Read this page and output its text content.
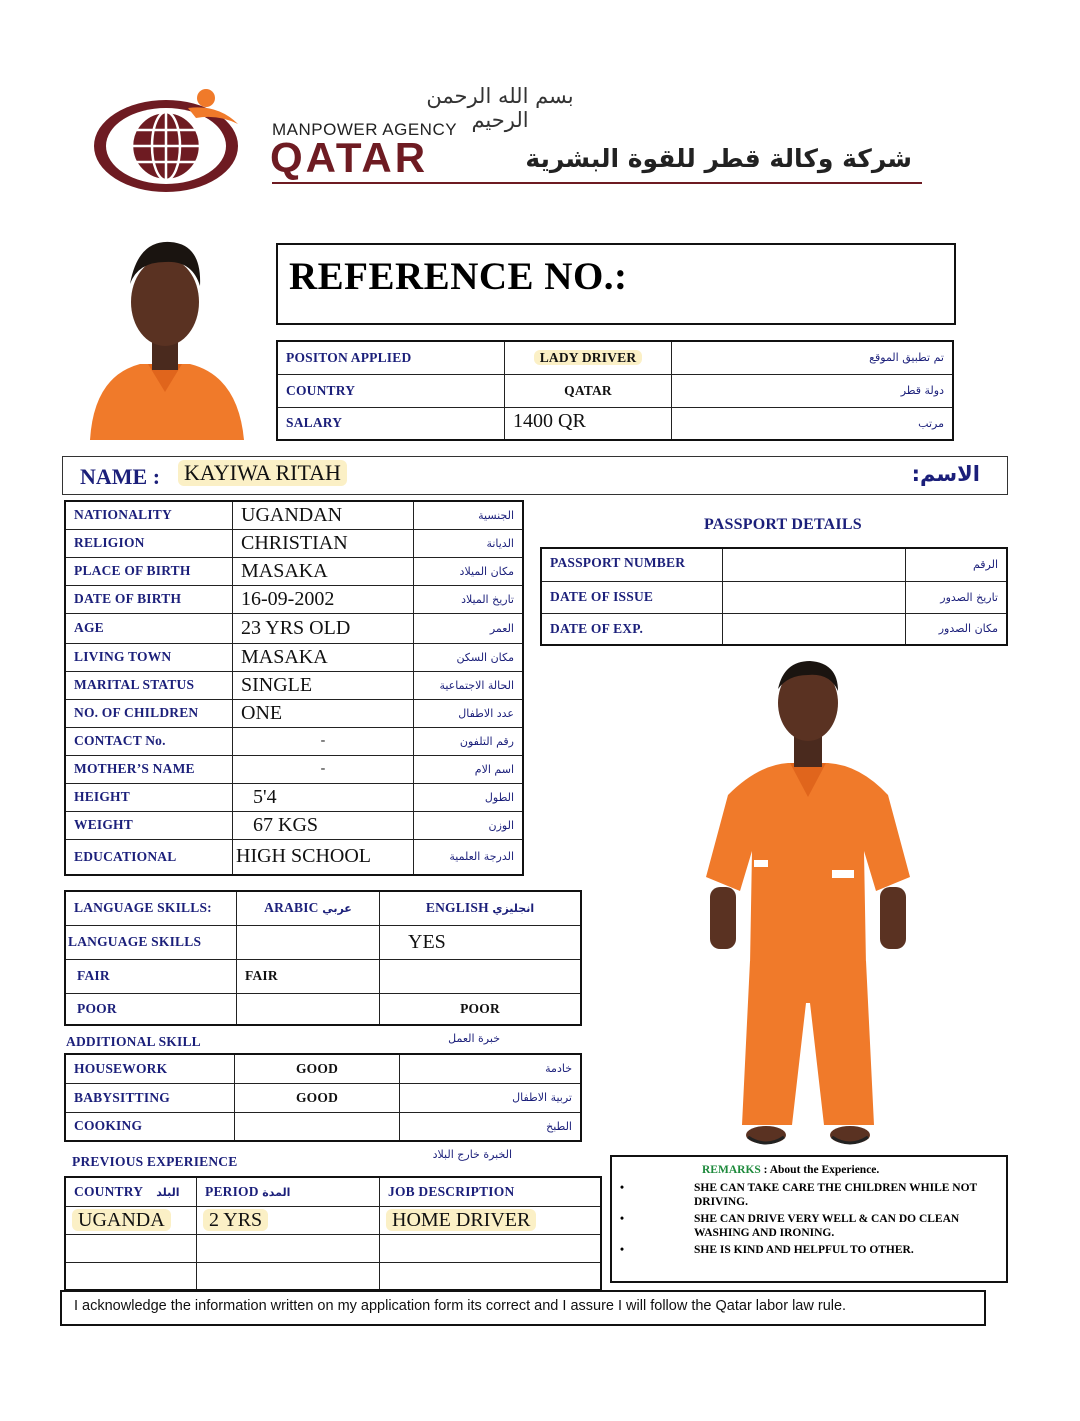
بسم الله الرحمن الرحيم
MANPOWER AGENCY
QATAR	شركة وكالة قطر للقوة البشرية
REFERENCE NO.:
POSITON APPLIED	LADY DRIVER	تم تطبيق الموقع
COUNTRY	QATAR	دولة قطر
SALARY	1400 QR	مرتب
NAME : KAYIWA RITAH	الاسم:
NATIONALITY	UGANDAN	الجنسية
RELIGION	CHRISTIAN	الديانة
PLACE OF BIRTH	MASAKA	مكان الميلاد
DATE OF BIRTH	16-09-2002	تاريخ الميلاد
AGE	23 YRS OLD	العمر
LIVING TOWN	MASAKA	مكان السكن
MARITAL STATUS	SINGLE	الحالة الاجتماعية
NO. OF CHILDREN	ONE	عدد الاطفال
CONTACT No.	-	رقم التلفون
MOTHER’S NAME	-	اسم الام
HEIGHT	5'4	الطول
WEIGHT	67 KGS	الوزن
EDUCATIONAL	HIGH SCHOOL	الدرجة العلمية
PASSPORT DETAILS
PASSPORT NUMBER		الرقم
DATE OF ISSUE		تاريخ الصدور
DATE OF EXP.		مكان الصدور
LANGUAGE SKILLS:	ARABIC عربي	ENGLISH انجليزي
LANGUAGE SKILLS		YES
FAIR	FAIR	
POOR		POOR
ADDITIONAL SKILL	خبرة العمل
HOUSEWORK	GOOD	خادمة
BABYSITTING	GOOD	تربية الاطفال
COOKING		الطبخ
PREVIOUS EXPERIENCE	الخبرة خارج البلاد
COUNTRY البلد	PERIOD المدة	JOB DESCRIPTION
UGANDA	2 YRS	HOME DRIVER

REMARKS : About the Experience.
•	SHE CAN TAKE CARE THE CHILDREN WHILE NOT DRIVING.
•	SHE CAN DRIVE VERY WELL & CAN DO CLEAN WASHING AND IRONING.
•	SHE IS KIND AND HELPFUL TO OTHER.
I acknowledge the information written on my application form its correct and I assure I will follow the Qatar labor law rule.
